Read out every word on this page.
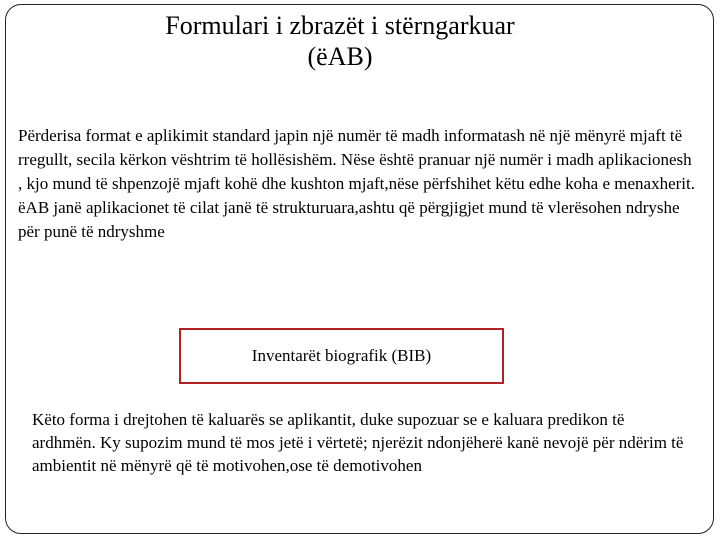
Formulari i zbrazët i stërngarkuar
(ëAB)
Përderisa format e aplikimit standard japin një numër të madh informatash në një mënyrë mjaft të rregullt, secila kërkon vështrim të hollësishëm. Nëse është pranuar një numër i madh aplikacionesh , kjo mund të shpenzojë mjaft kohë dhe kushton mjaft,nëse përfshihet këtu edhe koha e menaxherit. ëAB janë aplikacionet të cilat janë të strukturuara,ashtu që përgjigjet mund të vlerësohen ndryshe për punë të ndryshme
Inventarët biografik (BIB)
Këto forma i drejtohen të kaluarës se aplikantit, duke supozuar se e kaluara predikon të ardhmën. Ky supozim mund të mos jetë i vërtetë; njerëzit ndonjëherë kanë nevojë për ndërim të ambientit në mënyrë që të motivohen,ose të demotivohen
